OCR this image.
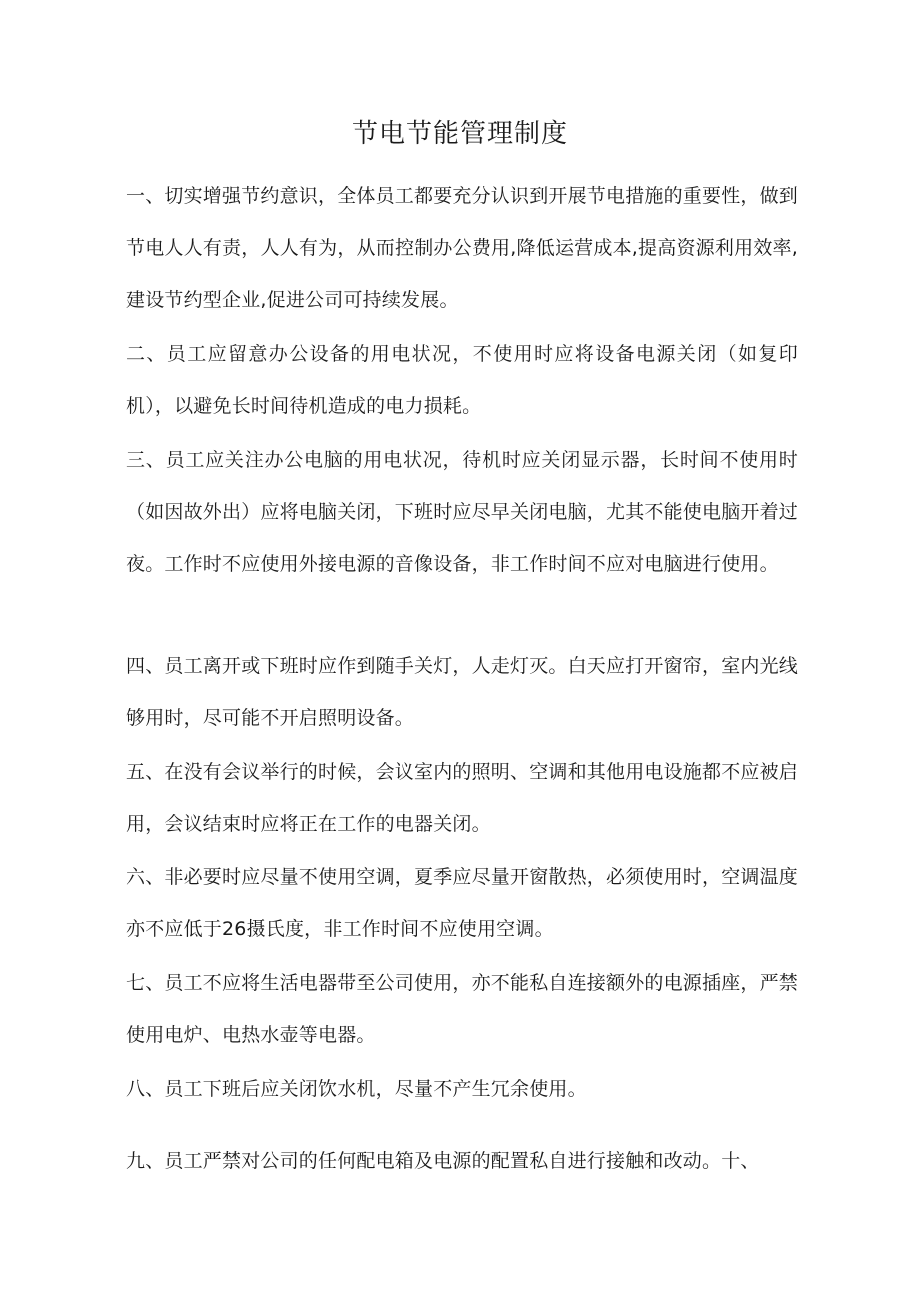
节电节能管理制度

一、切实增强节约意识，全体员工都要充分认识到开展节电措施的重要性，做到节电人人有责，人人有为，从而控制办公费用,降低运营成本,提高资源利用效率,建设节约型企业,促进公司可持续发展。

二、员工应留意办公设备的用电状况，不使用时应将设备电源关闭（如复印机），以避免长时间待机造成的电力损耗。

三、员工应关注办公电脑的用电状况，待机时应关闭显示器，长时间不使用时（如因故外出）应将电脑关闭，下班时应尽早关闭电脑，尤其不能使电脑开着过夜。工作时不应使用外接电源的音像设备，非工作时间不应对电脑进行使用。

四、员工离开或下班时应作到随手关灯，人走灯灭。白天应打开窗帘，室内光线够用时，尽可能不开启照明设备。

五、在没有会议举行的时候，会议室内的照明、空调和其他用电设施都不应被启用，会议结束时应将正在工作的电器关闭。

六、非必要时应尽量不使用空调，夏季应尽量开窗散热，必须使用时，空调温度亦不应低于26摄氏度，非工作时间不应使用空调。

七、员工不应将生活电器带至公司使用，亦不能私自连接额外的电源插座，严禁使用电炉、电热水壶等电器。

八、员工下班后应关闭饮水机，尽量不产生冗余使用。

九、员工严禁对公司的任何配电箱及电源的配置私自进行接触和改动。十、
